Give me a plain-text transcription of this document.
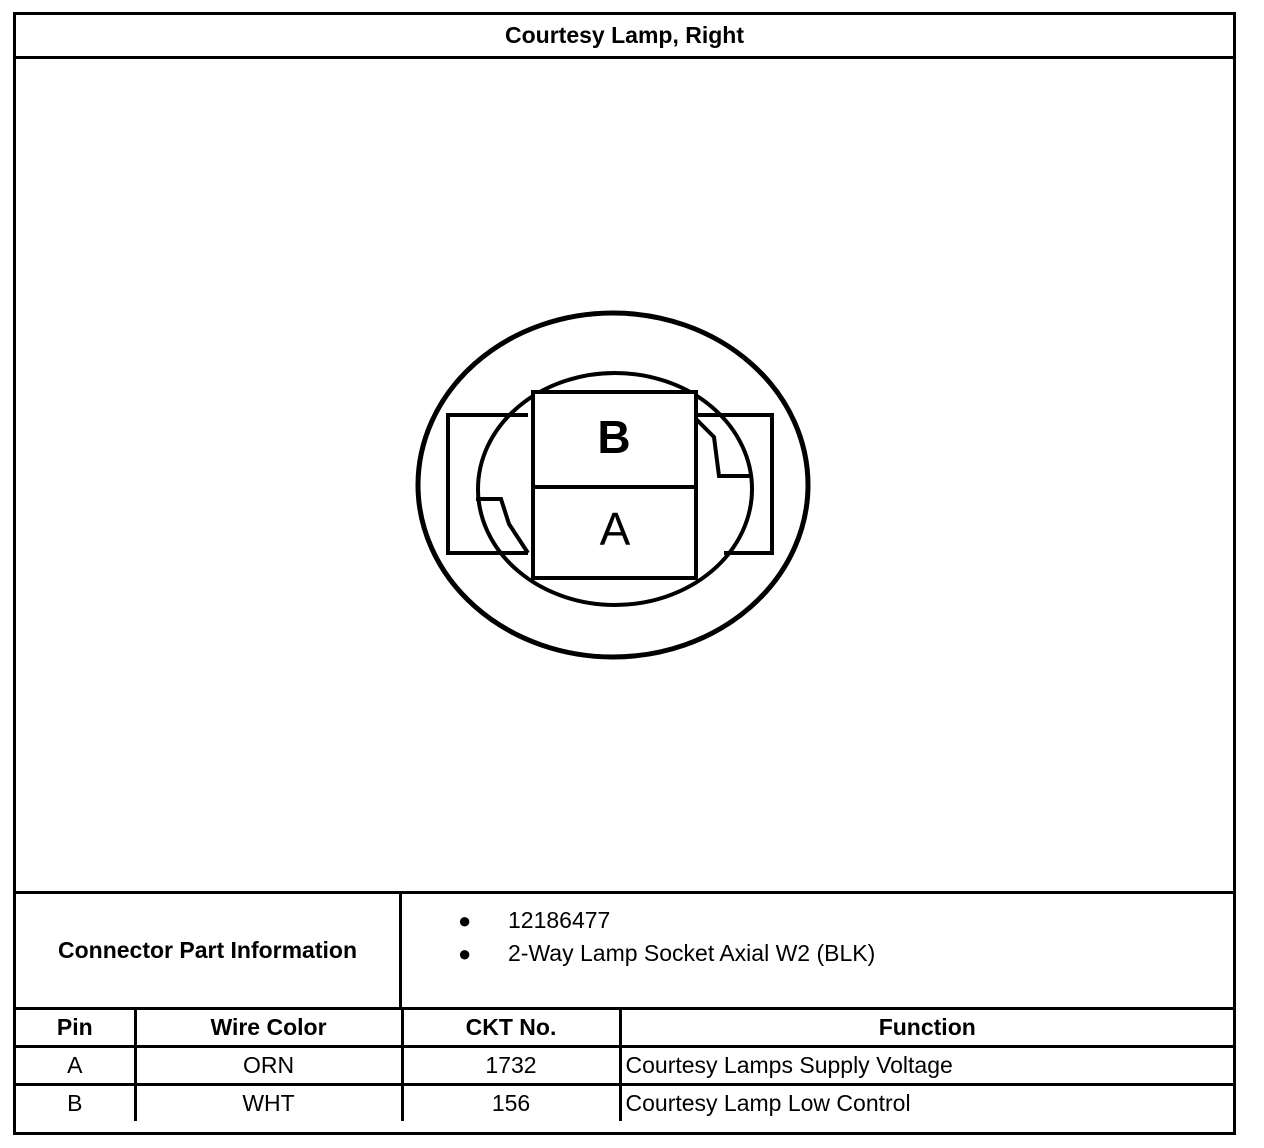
Courtesy Lamp, Right
B
A
Connector Part Information
● 12186477
● 2-Way Lamp Socket Axial W2 (BLK)
Pin	Wire Color	CKT No.	Function
A	ORN	1732	Courtesy Lamps Supply Voltage
B	WHT	156	Courtesy Lamp Low Control
